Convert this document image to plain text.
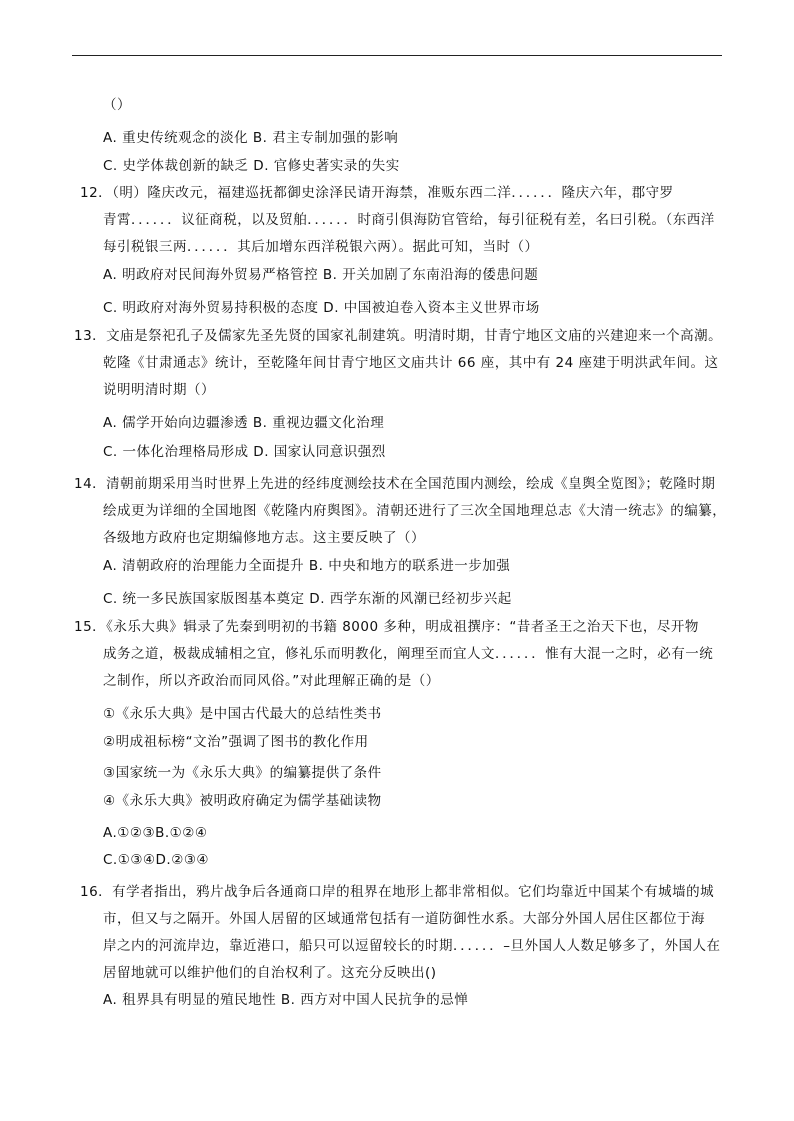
（）
A. 重史传统观念的淡化 B. 君主专制加强的影响
C. 史学体裁创新的缺乏 D. 官修史著实录的失实
12．（明）隆庆改元，福建巡抚都御史涂泽民请开海禁，准贩东西二洋．．．．．．隆庆六年，郡守罗
青霄．．．．．．议征商税，以及贸舶．．．．．．时商引俱海防官管给，每引征税有差，名曰引税。（东西洋
每引税银三两．．．．．．其后加增东西洋税银六两）。据此可知，当时（）
A. 明政府对民间海外贸易严格管控 B. 开关加剧了东南沿海的倭患问题
C. 明政府对海外贸易持积极的态度 D. 中国被迫卷入资本主义世界市场
13．文庙是祭祀孔子及儒家先圣先贤的国家礼制建筑。明清时期，甘青宁地区文庙的兴建迎来一个高潮。
乾隆《甘肃通志》统计，至乾隆年间甘青宁地区文庙共计 66 座，其中有 24 座建于明洪武年间。这
说明明清时期（）
A. 儒学开始向边疆渗透 B. 重视边疆文化治理
C. 一体化治理格局形成 D. 国家认同意识强烈
14．清朝前期采用当时世界上先进的经纬度测绘技术在全国范围内测绘，绘成《皇舆全览图》；乾隆时期
绘成更为详细的全国地图《乾隆内府舆图》。清朝还进行了三次全国地理总志《大清一统志》的编纂，
各级地方政府也定期编修地方志。这主要反映了（）
A. 清朝政府的治理能力全面提升 B. 中央和地方的联系进一步加强
C. 统一多民族国家版图基本奠定 D. 西学东渐的风潮已经初步兴起
15．《永乐大典》辑录了先秦到明初的书籍 8000 多种，明成祖撰序：“昔者圣王之治天下也，尽开物
成务之道，极裁成辅相之宜，修礼乐而明教化，阐理至而宜人文．．．．．．惟有大混一之时，必有一统
之制作，所以齐政治而同风俗。”对此理解正确的是（）
①《永乐大典》是中国古代最大的总结性类书
②明成祖标榜“文治”强调了图书的教化作用
③国家统一为《永乐大典》的编纂提供了条件
④《永乐大典》被明政府确定为儒学基础读物
A.①②③B.①②④
C.①③④D.②③④
16．有学者指出，鸦片战争后各通商口岸的租界在地形上都非常相似。它们均靠近中国某个有城墙的城
市，但又与之隔开。外国人居留的区域通常包括有一道防御性水系。大部分外国人居住区都位于海
岸之内的河流岸边，靠近港口，船只可以逗留较长的时期．．．．．．–旦外国人人数足够多了，外国人在
居留地就可以维护他们的自治权利了。这充分反映出()
A. 租界具有明显的殖民地性 B. 西方对中国人民抗争的忌惮
